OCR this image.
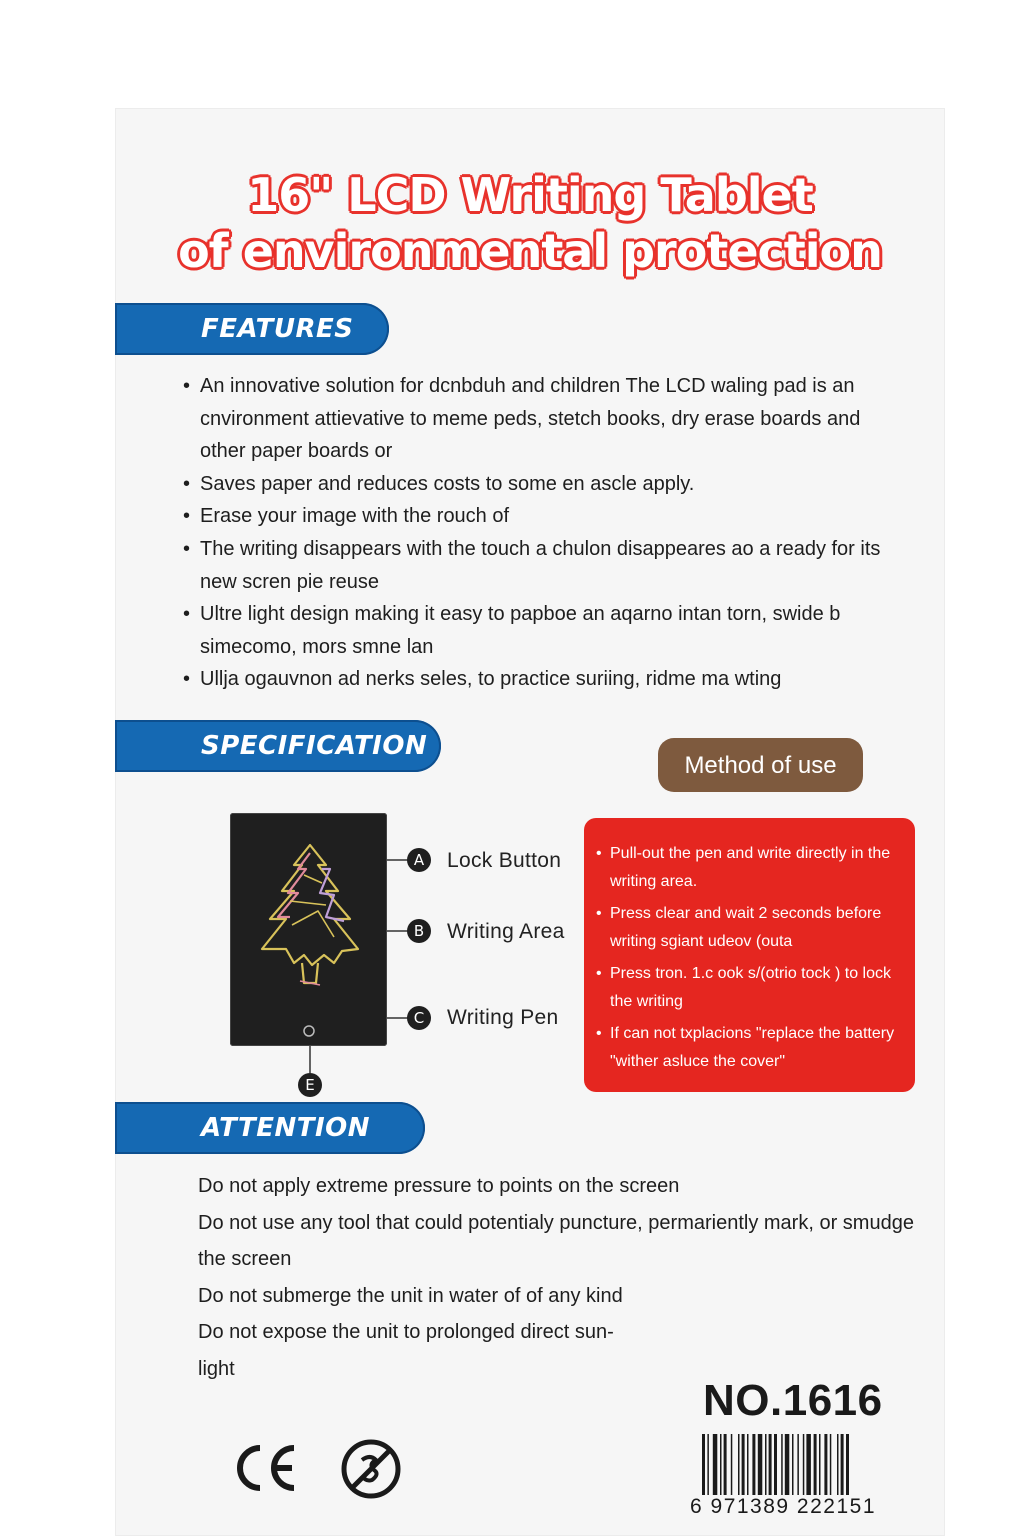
16" LCD Writing Tablet
of environmental protection
FEATURES
• An innovative solution for dcnbduh and children The LCD waling pad is an cnvironment attievative to meme peds, stetch books, dry erase boards and other paper boards or
• Saves paper and reduces costs to some en ascle apply.
• Erase your image with the rouch of
• The writing disappears with the touch a chulon disappeares ao a ready for its new scren pie reuse
• Ultre light design making it easy to papboe an aqarno intan torn, swide b simecomo, mors smne lan
• Ullja ogauvnon ad nerks seles, to practice suriing, ridme ma wting
SPECIFICATION
Method of use
A	Lock Button
B	Writing Area
C	Writing Pen
E
• Pull-out the pen and write directly in the writing area.
• Press clear and wait 2 seconds before writing sgiant udeov (outa
• Press tron. 1.c ook s/(otrio tock ) to lock the writing
• If can not txplacions "replace the battery "wither asluce the cover"
ATTENTION
Do not apply extreme pressure to points on the screen
Do not use any tool that could potentialy puncture, permariently mark, or smudge
the screen
Do not submerge the unit in water of of any kind
Do not expose the unit to prolonged direct sun-
light
NO.1616
6 971389 222151
